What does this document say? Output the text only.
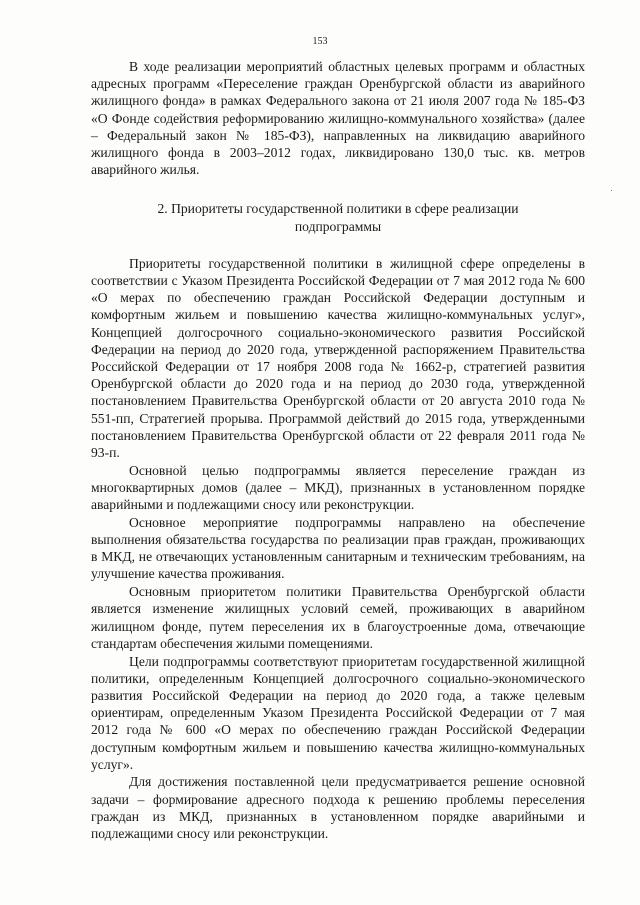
153

В ходе реализации мероприятий областных целевых программ и областных адресных программ «Переселение граждан Оренбургской области из аварийного жилищного фонда» в рамках Федерального закона от 21 июля 2007 года № 185-ФЗ «О Фонде содействия реформированию жилищно-коммунального хозяйства» (далее – Федеральный закон № 185-ФЗ), направленных на ликвидацию аварийного жилищного фонда в 2003–2012 годах, ликвидировано 130,0 тыс. кв. метров аварийного жилья.

2. Приоритеты государственной политики в сфере реализации подпрограммы

Приоритеты государственной политики в жилищной сфере определены в соответствии с Указом Президента Российской Федерации от 7 мая 2012 года № 600 «О мерах по обеспечению граждан Российской Федерации доступным и комфортным жильем и повышению качества жилищно-коммунальных услуг», Концепцией долгосрочного социально-экономического развития Российской Федерации на период до 2020 года, утвержденной распоряжением Правительства Российской Федерации от 17 ноября 2008 года № 1662-р, стратегией развития Оренбургской области до 2020 года и на период до 2030 года, утвержденной постановлением Правительства Оренбургской области от 20 августа 2010 года № 551-пп, Стратегией прорыва. Программой действий до 2015 года, утвержденными постановлением Правительства Оренбургской области от 22 февраля 2011 года № 93-п.

Основной целью подпрограммы является переселение граждан из многоквартирных домов (далее – МКД), признанных в установленном порядке аварийными и подлежащими сносу или реконструкции.

Основное мероприятие подпрограммы направлено на обеспечение выполнения обязательства государства по реализации прав граждан, проживающих в МКД, не отвечающих установленным санитарным и техническим требованиям, на улучшение качества проживания.

Основным приоритетом политики Правительства Оренбургской области является изменение жилищных условий семей, проживающих в аварийном жилищном фонде, путем переселения их в благоустроенные дома, отвечающие стандартам обеспечения жилыми помещениями.

Цели подпрограммы соответствуют приоритетам государственной жилищной политики, определенным Концепцией долгосрочного социально-экономического развития Российской Федерации на период до 2020 года, а также целевым ориентирам, определенным Указом Президента Российской Федерации от 7 мая 2012 года № 600 «О мерах по обеспечению граждан Российской Федерации доступным комфортным жильем и повышению качества жилищно-коммунальных услуг».

Для достижения поставленной цели предусматривается решение основной задачи – формирование адресного подхода к решению проблемы переселения граждан из МКД, признанных в установленном порядке аварийными и подлежащими сносу или реконструкции.
